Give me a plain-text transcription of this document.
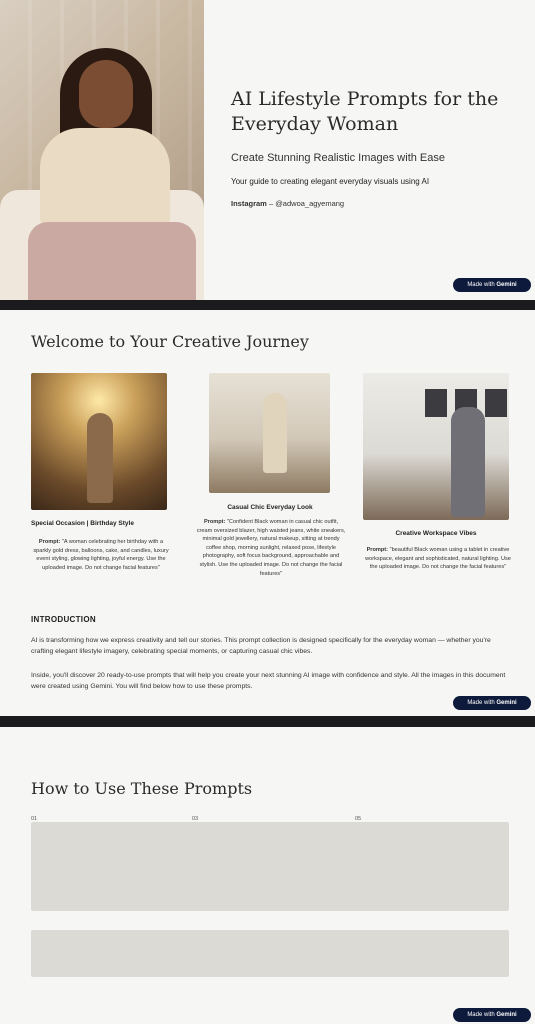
AI Lifestyle Prompts for the Everyday Woman
Create Stunning Realistic Images with Ease
Your guide to creating elegant everyday visuals using AI
Instagram – @adwoa_agyemang
Made with Gemini
Welcome to Your Creative Journey
Special Occasion | Birthday Style
Prompt: "A woman celebrating her birthday with a sparkly gold dress, balloons, cake, and candles, luxury event styling, glowing lighting, joyful energy. Use the uploaded image. Do not change facial features"
Casual Chic Everyday Look
Prompt: "Confident Black woman in casual chic outfit, cream oversized blazer, high waisted jeans, white sneakers, minimal gold jewellery, natural makeup, sitting at trendy coffee shop, morning sunlight, relaxed pose, lifestyle photography, soft focus background, approachable and stylish. Use the uploaded image. Do not change the facial features"
Creative Workspace Vibes
Prompt: "beautiful Black woman using a tablet in creative workspace, elegant and sophisticated, natural lighting. Use the uploaded image. Do not change the facial features"
INTRODUCTION
AI is transforming how we express creativity and tell our stories. This prompt collection is designed specifically for the everyday woman — whether you're crafting elegant lifestyle imagery, celebrating special moments, or capturing casual chic vibes.
Inside, you'll discover 20 ready-to-use prompts that will help you create your next stunning AI image with confidence and style. All the images in this document were created using Gemini. You will find below how to use these prompts.
Made with Gemini
How to Use These Prompts
01	03	05
Made with Gemini
